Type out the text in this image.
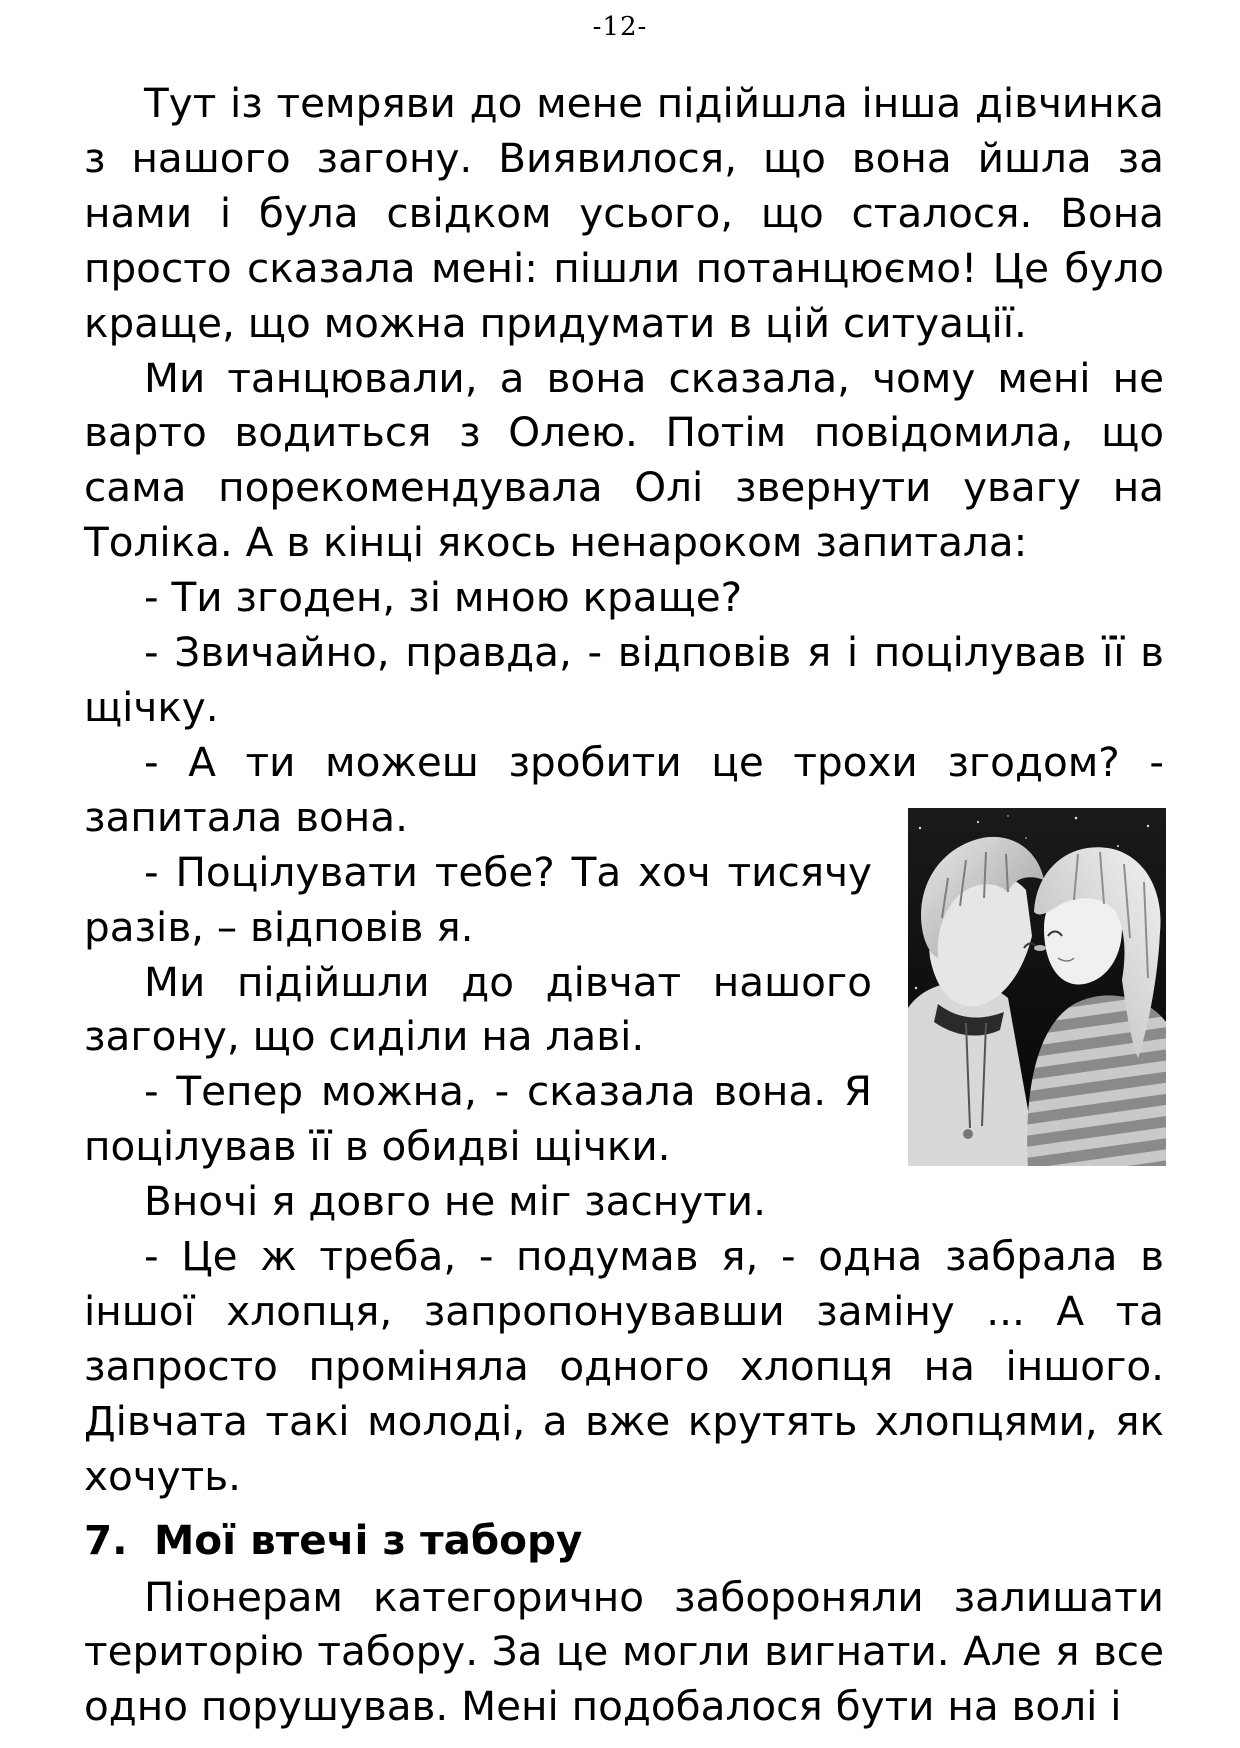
-12-

Тут із темряви до мене підійшла інша дівчинка з нашого загону. Виявилося, що вона йшла за нами і була свідком усього, що сталося. Вона просто сказала мені: пішли потанцюємо! Це було краще, що можна придумати в цій ситуації.

Ми танцювали, а вона сказала, чому мені не варто водиться з Олею. Потім повідомила, що сама порекомендувала Олі звернути увагу на Толіка. А в кінці якось ненароком запитала:

- Ти згоден, зі мною краще?

- Звичайно, правда, - відповів я і поцілував її в щічку.

- А ти можеш зробити це трохи згодом? - запитала вона.

- Поцілувати тебе? Та хоч тисячу разів, – відповів я.

Ми підійшли до дівчат нашого загону, що сиділи на лаві.

- Тепер можна, - сказала вона. Я поцілував її в обидві щічки.

Вночі я довго не міг заснути.

- Це ж треба, - подумав я, - одна забрала в іншої хлопця, запропонувавши заміну ... А та запросто проміняла одного хлопця на іншого. Дівчата такі молоді, а вже крутять хлопцями, як хочуть.

7. Мої втечі з табору

Піонерам категорично забороняли залишати територію табору. За це могли вигнати. Але я все одно порушував. Мені подобалося бути на волі і
